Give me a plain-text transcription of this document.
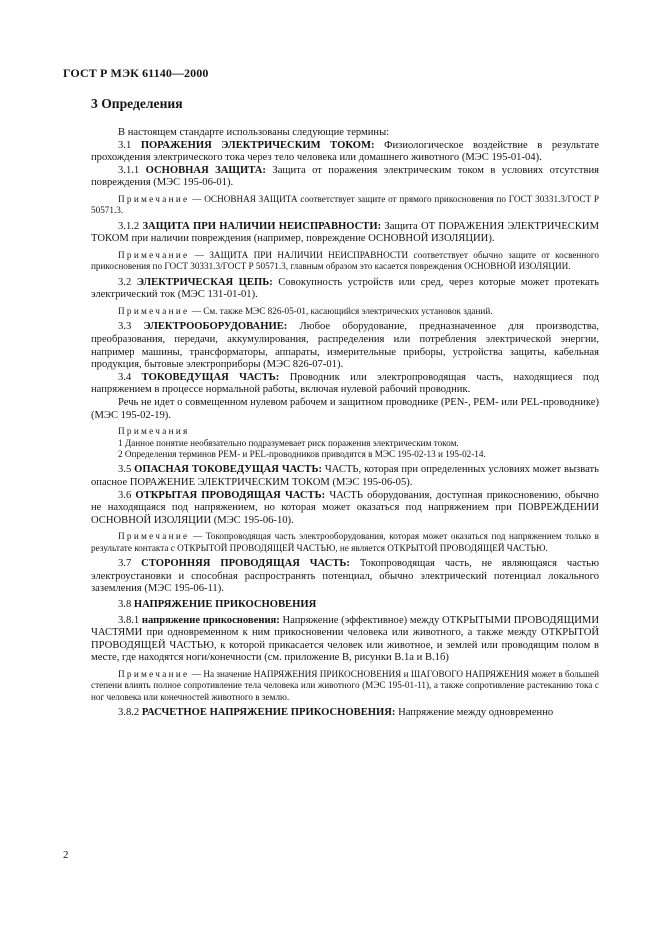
ГОСТ Р МЭК 61140—2000
3 Определения

В настоящем стандарте использованы следующие термины:

3.1 ПОРАЖЕНИЯ ЭЛЕКТРИЧЕСКИМ ТОКОМ: Физиологическое воздействие в результате прохождения электрического тока через тело человека или домашнего животного (МЭС 195-01-04).

3.1.1 ОСНОВНАЯ ЗАЩИТА: Защита от поражения электрическим током в условиях отсутствия повреждения (МЭС 195-06-01).

Примечание — ОСНОВНАЯ ЗАЩИТА соответствует защите от прямого прикосновения по ГОСТ 30331.3/ГОСТ Р 50571.3.

3.1.2 ЗАЩИТА ПРИ НАЛИЧИИ НЕИСПРАВНОСТИ: Защита ОТ ПОРАЖЕНИЯ ЭЛЕКТРИЧЕСКИМ ТОКОМ при наличии повреждения (например, повреждение ОСНОВНОЙ ИЗОЛЯЦИИ).

Примечание — ЗАЩИТА ПРИ НАЛИЧИИ НЕИСПРАВНОСТИ соответствует обычно защите от косвенного прикосновения по ГОСТ 30331.3/ГОСТ Р 50571.3, главным образом это касается повреждения ОСНОВНОЙ ИЗОЛЯЦИИ.

3.2 ЭЛЕКТРИЧЕСКАЯ ЦЕПЬ: Совокупность устройств или сред, через которые может протекать электрический ток (МЭС 131-01-01).

Примечание — См. также МЭС 826-05-01, касающийся электрических установок зданий.

3.3 ЭЛЕКТРООБОРУДОВАНИЕ: Любое оборудование, предназначенное для производства, преобразования, передачи, аккумулирования, распределения или потребления электрической энергии, например машины, трансформаторы, аппараты, измерительные приборы, устройства защиты, кабельная продукция, бытовые электроприборы (МЭС 826-07-01).

3.4 ТОКОВЕДУЩАЯ ЧАСТЬ: Проводник или электропроводящая часть, находящиеся под напряжением в процессе нормальной работы, включая нулевой рабочий проводник.

Речь не идет о совмещенном нулевом рабочем и защитном проводнике (PEN-, PEM- или PEL-проводнике) (МЭС 195-02-19).

Примечания
1 Данное понятие необязательно подразумевает риск поражения электрическим током.
2 Определения терминов PEM- и PEL-проводников приводятся в МЭС 195-02-13 и 195-02-14.

3.5 ОПАСНАЯ ТОКОВЕДУЩАЯ ЧАСТЬ: ЧАСТЬ, которая при определенных условиях может вызвать опасное ПОРАЖЕНИЕ ЭЛЕКТРИЧЕСКИМ ТОКОМ (МЭС 195-06-05).

3.6 ОТКРЫТАЯ ПРОВОДЯЩАЯ ЧАСТЬ: ЧАСТЬ оборудования, доступная прикосновению, обычно не находящаяся под напряжением, но которая может оказаться под напряжением при ПОВРЕЖДЕНИИ ОСНОВНОЙ ИЗОЛЯЦИИ (МЭС 195-06-10).

Примечание — Токопроводящая часть электрооборудования, которая может оказаться под напряжением только в результате контакта с ОТКРЫТОЙ ПРОВОДЯЩЕЙ ЧАСТЬЮ, не является ОТКРЫТОЙ ПРОВОДЯЩЕЙ ЧАСТЬЮ.

3.7 СТОРОННЯЯ ПРОВОДЯЩАЯ ЧАСТЬ: Токопроводящая часть, не являющаяся частью электроустановки и способная распространять потенциал, обычно электрический потенциал локального заземления (МЭС 195-06-11).

3.8 НАПРЯЖЕНИЕ ПРИКОСНОВЕНИЯ

3.8.1 напряжение прикосновения: Напряжение (эффективное) между ОТКРЫТЫМИ ПРОВОДЯЩИМИ ЧАСТЯМИ при одновременном к ним прикосновении человека или животного, а также между ОТКРЫТОЙ ПРОВОДЯЩЕЙ ЧАСТЬЮ, к которой прикасается человек или животное, и землей или проводящим полом в месте, где находятся ноги/конечности (см. приложение В, рисунки В.1а и В.1б)

Примечание — На значение НАПРЯЖЕНИЯ ПРИКОСНОВЕНИЯ и ШАГОВОГО НАПРЯЖЕНИЯ может в большей степени влиять полное сопротивление тела человека или животного (МЭС 195-01-11), а также сопротивление растеканию тока с ног человека или конечностей животного в землю.

3.8.2 РАСЧЕТНОЕ НАПРЯЖЕНИЕ ПРИКОСНОВЕНИЯ: Напряжение между одновременно

2
